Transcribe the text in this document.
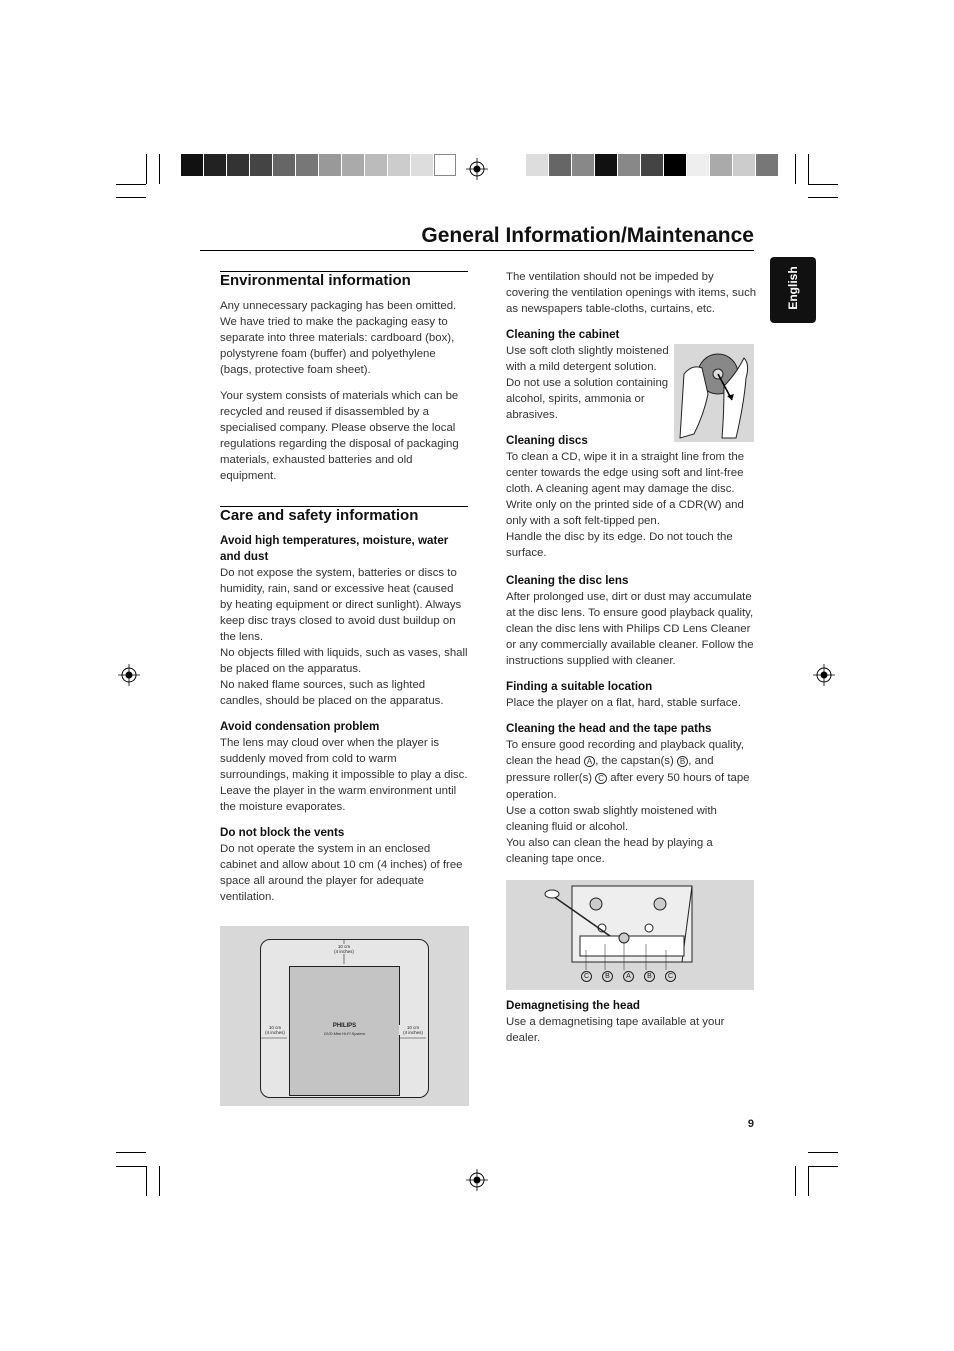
General Information/Maintenance
English
Environmental information

Any unnecessary packaging has been omitted. We have tried to make the packaging easy to separate into three materials: cardboard (box), polystyrene foam (buffer) and polyethylene (bags, protective foam sheet).

Your system consists of materials which can be recycled and reused if disassembled by a specialised company. Please observe the local regulations regarding the disposal of packaging materials, exhausted batteries and old equipment.

Care and safety information
Avoid high temperatures, moisture, water and dust

Do not expose the system, batteries or discs to humidity, rain, sand or excessive heat (caused by heating equipment or direct sunlight). Always keep disc trays closed to avoid dust buildup on the lens.

No objects filled with liquids, such as vases, shall be placed on the apparatus.

No naked flame sources, such as lighted candles, should be placed on the apparatus.

Avoid condensation problem

The lens may cloud over when the player is suddenly moved from cold to warm surroundings, making it impossible to play a disc. Leave the player in the warm environment until the moisture evaporates.

Do not block the vents

Do not operate the system in an enclosed cabinet and allow about 10 cm (4 inches) of free space all around the player for adequate ventilation.

PHILIPS
DVD Mini Hi-Fi System
10 cm
(4 inches)
10 cm
(4 inches)
10 cm
(4 inches)

The ventilation should not be impeded by covering the ventilation openings with items, such as newspapers table-cloths, curtains, etc.

Cleaning the cabinet

Use soft cloth slightly moistened with a mild detergent solution. Do not use a solution containing alcohol, spirits, ammonia or abrasives.

Cleaning discs

To clean a CD, wipe it in a straight line from the center towards the edge using soft and lint-free cloth. A cleaning agent may damage the disc. Write only on the printed side of a CDR(W) and only with a soft felt-tipped pen.

Handle the disc by its edge. Do not touch the surface.

Cleaning the disc lens

After prolonged use, dirt or dust may accumulate at the disc lens. To ensure good playback quality, clean the disc lens with Philips CD Lens Cleaner or any commercially available cleaner. Follow the instructions supplied with cleaner.

Finding a suitable location

Place the player on a flat, hard, stable surface.

Cleaning the head and the tape paths

To ensure good recording and playback quality, clean the head A , the capstan(s) B , and pressure roller(s) C after every 50 hours of tape operation.

Use a cotton swab slightly moistened with cleaning fluid or alcohol.

You also can clean the head by playing a cleaning tape once.

C	B	A	B	C
Demagnetising the head

Use a demagnetising tape available at your dealer.

9
